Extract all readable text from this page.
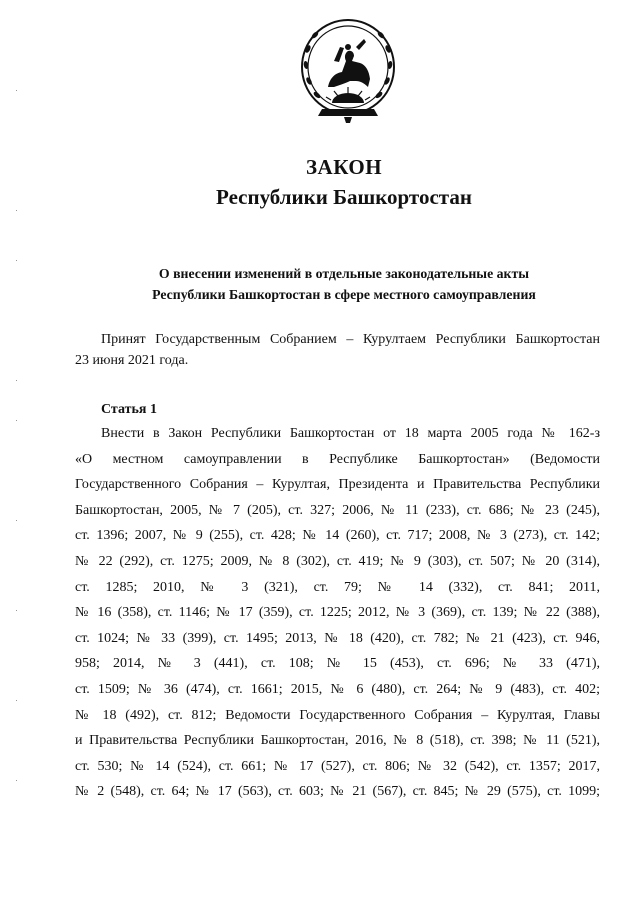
ЗАКОН
Республики Башкортостан
О внесении изменений в отдельные законодательные акты
Республики Башкортостан в сфере местного самоуправления
Принят Государственным Собранием – Курултаем Республики Башкортостан
23 июня 2021 года.
Статья 1
Внести в Закон Республики Башкортостан от 18 марта 2005 года № 162-з
«О местном самоуправлении в Республике Башкортостан» (Ведомости
Государственного Собрания – Курултая, Президента и Правительства Республики
Башкортостан, 2005, № 7 (205), ст. 327; 2006, № 11 (233), ст. 686; № 23 (245),
ст. 1396; 2007, № 9 (255), ст. 428; № 14 (260), ст. 717; 2008, № 3 (273), ст. 142;
№ 22 (292), ст. 1275; 2009, № 8 (302), ст. 419; № 9 (303), ст. 507; № 20 (314),
ст. 1285; 2010, № 3 (321), ст. 79; № 14 (332), ст. 841; 2011,
№ 16 (358), ст. 1146; № 17 (359), ст. 1225; 2012, № 3 (369), ст. 139; № 22 (388),
ст. 1024; № 33 (399), ст. 1495; 2013, № 18 (420), ст. 782; № 21 (423), ст. 946,
958; 2014, № 3 (441), ст. 108; № 15 (453), ст. 696; № 33 (471),
ст. 1509; № 36 (474), ст. 1661; 2015, № 6 (480), ст. 264; № 9 (483), ст. 402;
№ 18 (492), ст. 812; Ведомости Государственного Собрания – Курултая, Главы
и Правительства Республики Башкортостан, 2016, № 8 (518), ст. 398; № 11 (521),
ст. 530; № 14 (524), ст. 661; № 17 (527), ст. 806; № 32 (542), ст. 1357; 2017,
№ 2 (548), ст. 64; № 17 (563), ст. 603; № 21 (567), ст. 845; № 29 (575), ст. 1099;
